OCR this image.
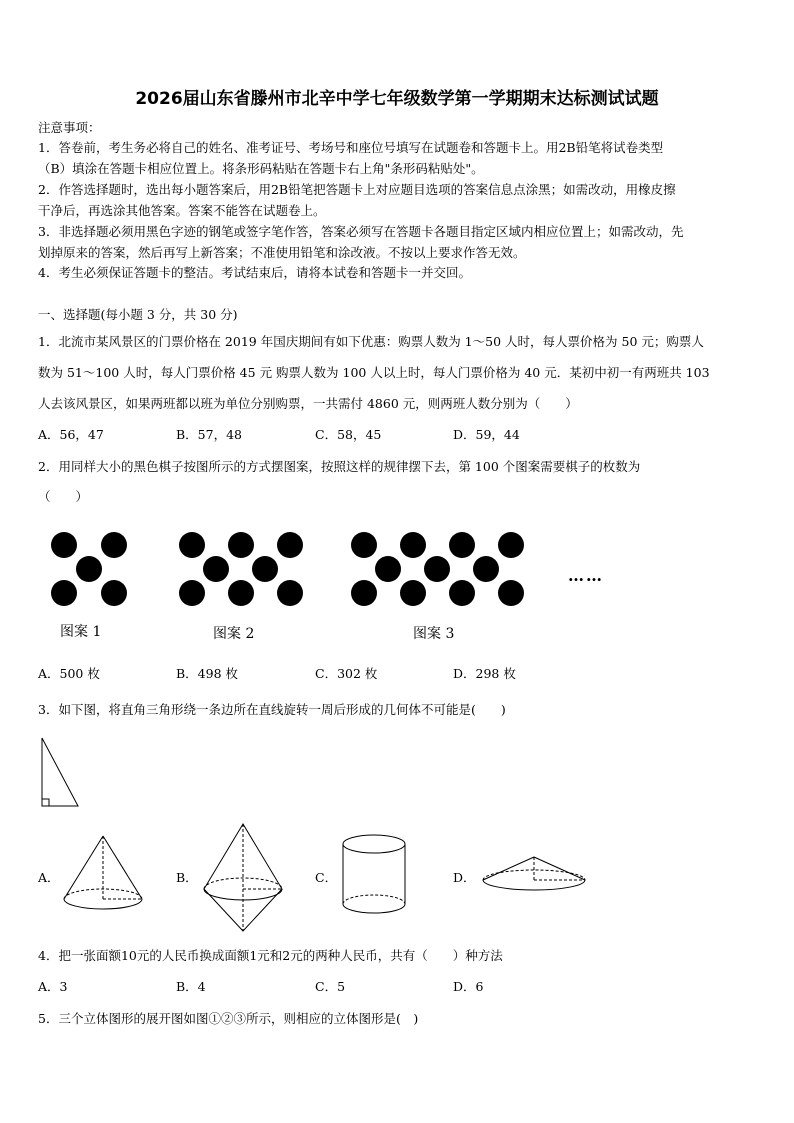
2026届山东省滕州市北辛中学七年级数学第一学期期末达标测试试题
注意事项：
1．答卷前，考生务必将自己的姓名、准考证号、考场号和座位号填写在试题卷和答题卡上。用2B铅笔将试卷类型
（B）填涂在答题卡相应位置上。将条形码粘贴在答题卡右上角"条形码粘贴处"。
2．作答选择题时，选出每小题答案后，用2B铅笔把答题卡上对应题目选项的答案信息点涂黑；如需改动，用橡皮擦
干净后，再选涂其他答案。答案不能答在试题卷上。
3．非选择题必须用黑色字迹的钢笔或签字笔作答，答案必须写在答题卡各题目指定区域内相应位置上；如需改动，先
划掉原来的答案，然后再写上新答案；不准使用铅笔和涂改液。不按以上要求作答无效。
4．考生必须保证答题卡的整洁。考试结束后，请将本试卷和答题卡一并交回。
一、选择题(每小题 3 分，共 30 分)
1．北流市某风景区的门票价格在 2019 年国庆期间有如下优惠：购票人数为 1～50 人时，每人票价格为 50 元；购票人
数为 51～100 人时，每人门票价格 45 元 购票人数为 100 人以上时，每人门票价格为 40 元．某初中初一有两班共 103
人去该风景区，如果两班都以班为单位分别购票，一共需付 4860 元，则两班人数分别为（　　）
A．56，47	B．57，48	C．58，45	D．59，44
2．用同样大小的黑色棋子按图所示的方式摆图案，按照这样的规律摆下去，第 100 个图案需要棋子的枚数为
（　　）
……
图案 1	图案 2	图案 3
A．500 枚	B．498 枚	C．302 枚	D．298 枚
3．如下图，将直角三角形绕一条边所在直线旋转一周后形成的几何体不可能是(　　)
A．	B．	C．	D．
4．把一张面额10元的人民币换成面额1元和2元的两种人民币，共有（　　）种方法
A．3	B．4	C．5	D．6
5．三个立体图形的展开图如图①②③所示，则相应的立体图形是(　)
